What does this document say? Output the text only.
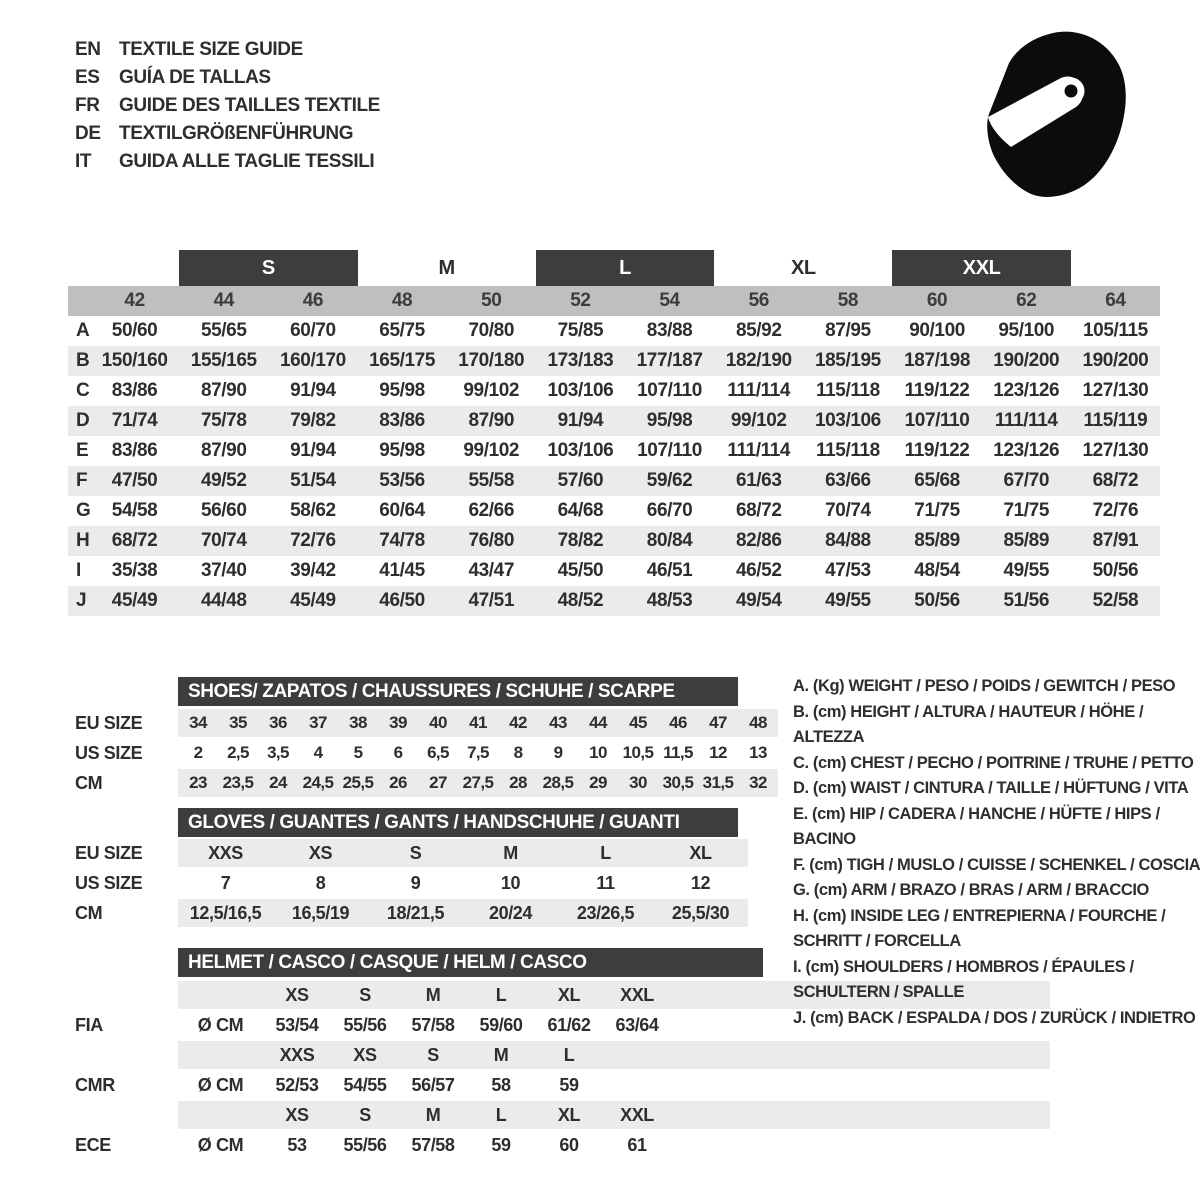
EN TEXTILE SIZE GUIDE
ES	GUÍA DE TALLAS
FR	GUIDE DES TAILLES TEXTILE
DE TEXTILGRÖßENFÜHRUNG
IT	GUIDA ALLE TAGLIE TESSILI
S	M	L	XL	XXL
42	44	46	48	50	52	54	56	58	60	62	64
A	50/60	55/65	60/70	65/75	70/80	75/85	83/88	85/92	87/95	90/100	95/100	105/115
B 150/160	155/165	160/170	165/175	170/180	173/183	177/187	182/190	185/195	187/198	190/200	190/200
C	83/86	87/90	91/94	95/98	99/102	103/106	107/110	111/114	115/118	119/122	123/126	127/130
D	71/74	75/78	79/82	83/86	87/90	91/94	95/98	99/102	103/106	107/110	111/114	115/119
E	83/86	87/90	91/94	95/98	99/102	103/106	107/110	111/114	115/118	119/122	123/126	127/130
F	47/50	49/52	51/54	53/56	55/58	57/60	59/62	61/63	63/66	65/68	67/70	68/72
G	54/58	56/60	58/62	60/64	62/66	64/68	66/70	68/72	70/74	71/75	71/75	72/76
H	68/72	70/74	72/76	74/78	76/80	78/82	80/84	82/86	84/88	85/89	85/89	87/91
I	35/38	37/40	39/42	41/45	43/47	45/50	46/51	46/52	47/53	48/54	49/55	50/56
J	45/49	44/48	45/49	46/50	47/51	48/52	48/53	49/54	49/55	50/56	51/56	52/58
SHOES/ ZAPATOS / CHAUSSURES / SCHUHE / SCARPE
EU SIZE	34	35	36	37	38	39	40	41	42	43	44	45	46	47	48
US SIZE	2	2,5	3,5	4	5	6	6,5	7,5	8	9	10 10,5 11,5 12	13
CM	23 23,5 24 24,5 25,5 26	27 27,5 28 28,5 29	30 30,5 31,5 32
GLOVES / GUANTES / GANTS / HANDSCHUHE / GUANTI
EU SIZE	XXS	XS	S	M	L	XL
US SIZE	7	8	9	10	11	12
CM	12,5/16,5	16,5/19	18/21,5	20/24	23/26,5	25,5/30
HELMET / CASCO / CASQUE / HELM / CASCO
XS	S	M	L	XL	XXL
FIA	Ø CM	53/54	55/56	57/58	59/60	61/62	63/64
XXS	XS	S	M	L
CMR	Ø CM	52/53	54/55	56/57	58	59
XS	S	M	L	XL	XXL
ECE	Ø CM	53	55/56	57/58	59	60	61
A. (Kg) WEIGHT / PESO / POIDS / GEWITCH / PESO
B. (cm) HEIGHT / ALTURA / HAUTEUR / HÖHE / ALTEZZA
C. (cm) CHEST / PECHO / POITRINE / TRUHE / PETTO
D. (cm) WAIST / CINTURA / TAILLE / HÜFTUNG / VITA
E. (cm) HIP / CADERA / HANCHE / HÜFTE / HIPS / BACINO
F. (cm) TIGH / MUSLO / CUISSE / SCHENKEL / COSCIA
G. (cm) ARM / BRAZO / BRAS / ARM / BRACCIO
H. (cm) INSIDE LEG / ENTREPIERNA / FOURCHE / SCHRITT / FORCELLA
I. (cm) SHOULDERS / HOMBROS / ÉPAULES / SCHULTERN / SPALLE
J. (cm) BACK / ESPALDA / DOS / ZURÜCK / INDIETRO
